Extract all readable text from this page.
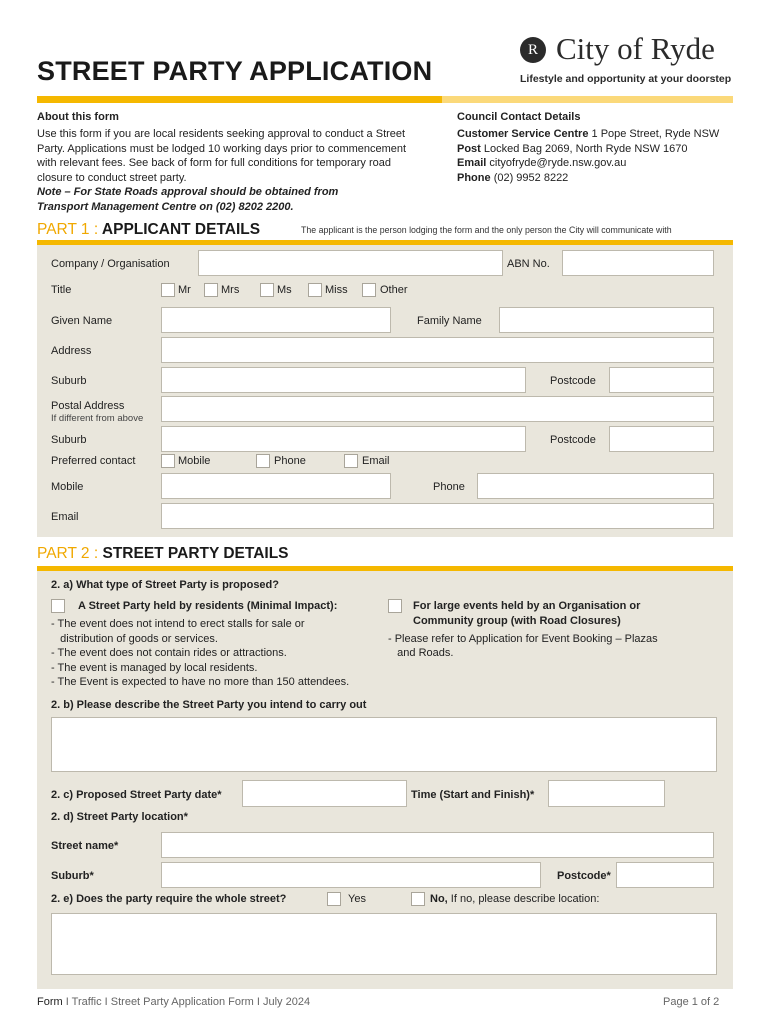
STREET PARTY APPLICATION
R City of Ryde
Lifestyle and opportunity at your doorstep
About this form
Use this form if you are local residents seeking approval to conduct a Street Party. Applications must be lodged 10 working days prior to commencement with relevant fees. See back of form for full conditions for temporary road closure to conduct street party.
Note – For State Roads approval should be obtained from Transport Management Centre on (02) 8202 2200.
Council Contact Details
Customer Service Centre 1 Pope Street, Ryde NSW
Post Locked Bag 2069, North Ryde NSW 1670
Email cityofryde@ryde.nsw.gov.au
Phone (02) 9952 8222
PART 1 : APPLICANT DETAILS	The applicant is the person lodging the form and the only person the City will communicate with
Company / Organisation	ABN No.
Title	Mr	Mrs	Ms	Miss	Other
Given Name	Family Name
Address
Suburb	Postcode
Postal Address
If different from above
Suburb	Postcode
Preferred contact	Mobile	Phone	Email
Mobile	Phone
Email
PART 2 : STREET PARTY DETAILS
2. a) What type of Street Party is proposed?
A Street Party held by residents (Minimal Impact):
- The event does not intend to erect stalls for sale or
distribution of goods or services.
- The event does not contain rides or attractions.
- The event is managed by local residents.
- The Event is expected to have no more than 150 attendees.
For large events held by an Organisation or
Community group (with Road Closures)
- Please refer to Application for Event Booking – Plazas
and Roads.
2. b) Please describe the Street Party you intend to carry out
2. c) Proposed Street Party date*	Time (Start and Finish)*
2. d) Street Party location*
Street name*
Suburb*	Postcode*
2. e) Does the party require the whole street?	Yes	No, If no, please describe location:
Form I Traffic I Street Party Application Form I July 2024	Page 1 of 2
